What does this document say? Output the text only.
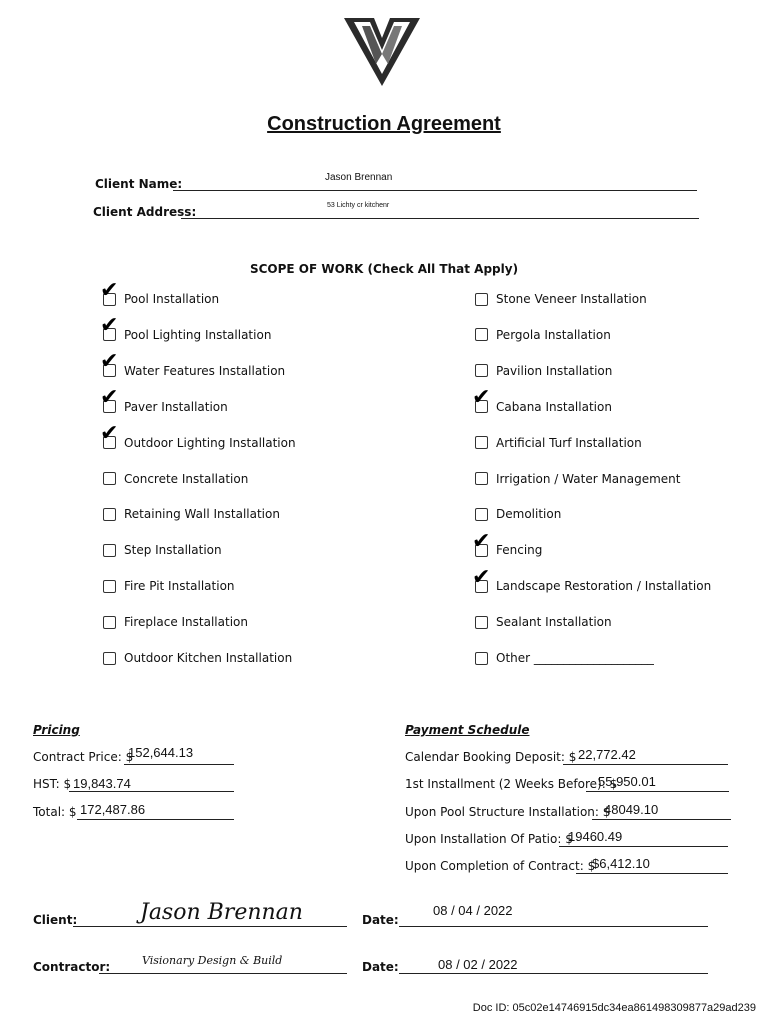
Construction Agreement
Client Name:	Jason Brennan
Client Address:	53 Lichty cr kitchenr
SCOPE OF WORK (Check All That Apply)
✔ Pool Installation
✔ Pool Lighting Installation
✔ Water Features Installation
✔ Paver Installation
✔ Outdoor Lighting Installation
Concrete Installation
Retaining Wall Installation
Step Installation
Fire Pit Installation
Fireplace Installation
Outdoor Kitchen Installation
Stone Veneer Installation
Pergola Installation
Pavilion Installation
✔ Cabana Installation
Artificial Turf Installation
Irrigation / Water Management
Demolition
✔ Fencing
✔ Landscape Restoration / Installation
Sealant Installation
Other ____________________
Pricing
Contract Price: $
152,644.13
HST: $ 19,843.74
Total: $ 172,487.86
Payment Schedule
Calendar Booking Deposit: $ 22,772.42
1st Installment (2 Weeks Before): $
55,950.01
Upon Pool Structure Installation: $
48049.10
Upon Installation Of Patio: $
19460.49
Upon Completion of Contract: $
$6,412.10
Client:	Jason Brennan	Date:
08 / 04 / 2022
Contractor:	Visionary Design & Build	Date:	08 / 02 / 2022
Doc ID: 05c02e14746915dc34ea861498309877a29ad239
